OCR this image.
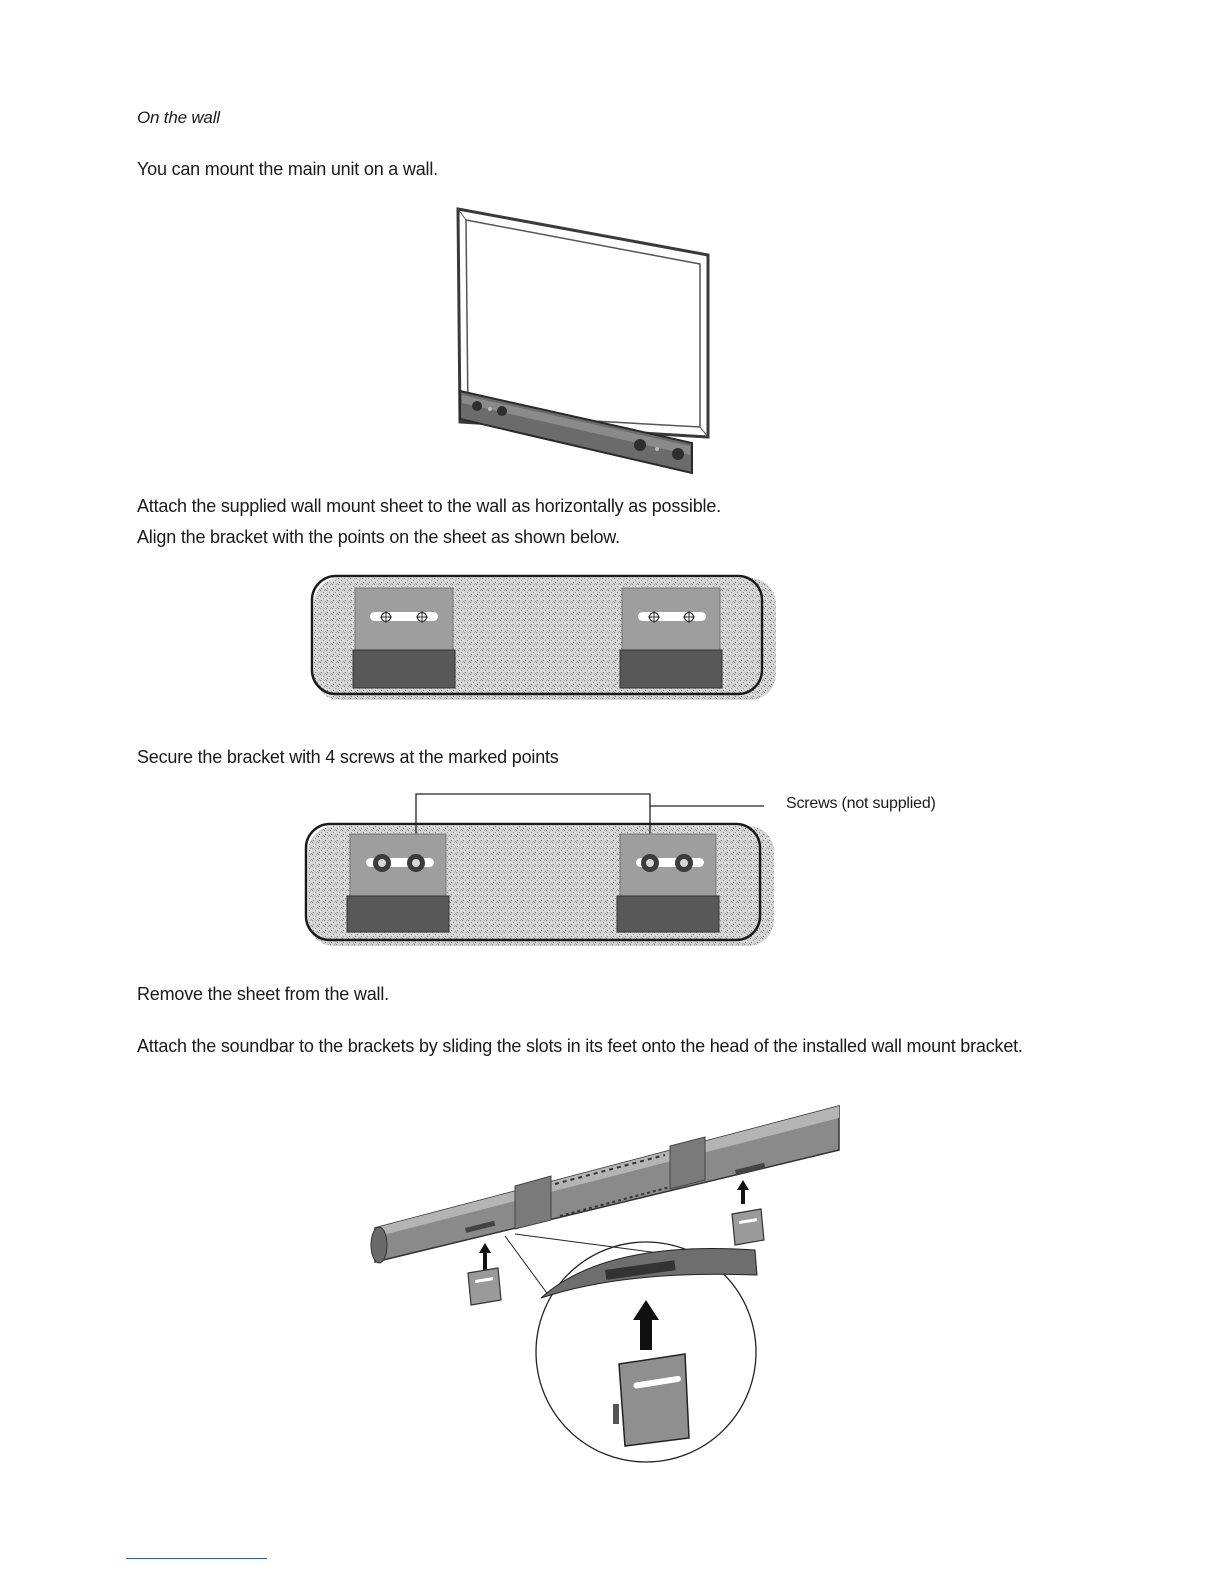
On the wall

You can mount the main unit on a wall.

Attach the supplied wall mount sheet to the wall as horizontally as possible.

Align the bracket with the points on the sheet as shown below.

Secure the bracket with 4 screws at the marked points

Screws (not supplied)

Remove the sheet from the wall.

Attach the soundbar to the brackets by sliding the slots in its feet onto the head of the installed wall mount bracket.
